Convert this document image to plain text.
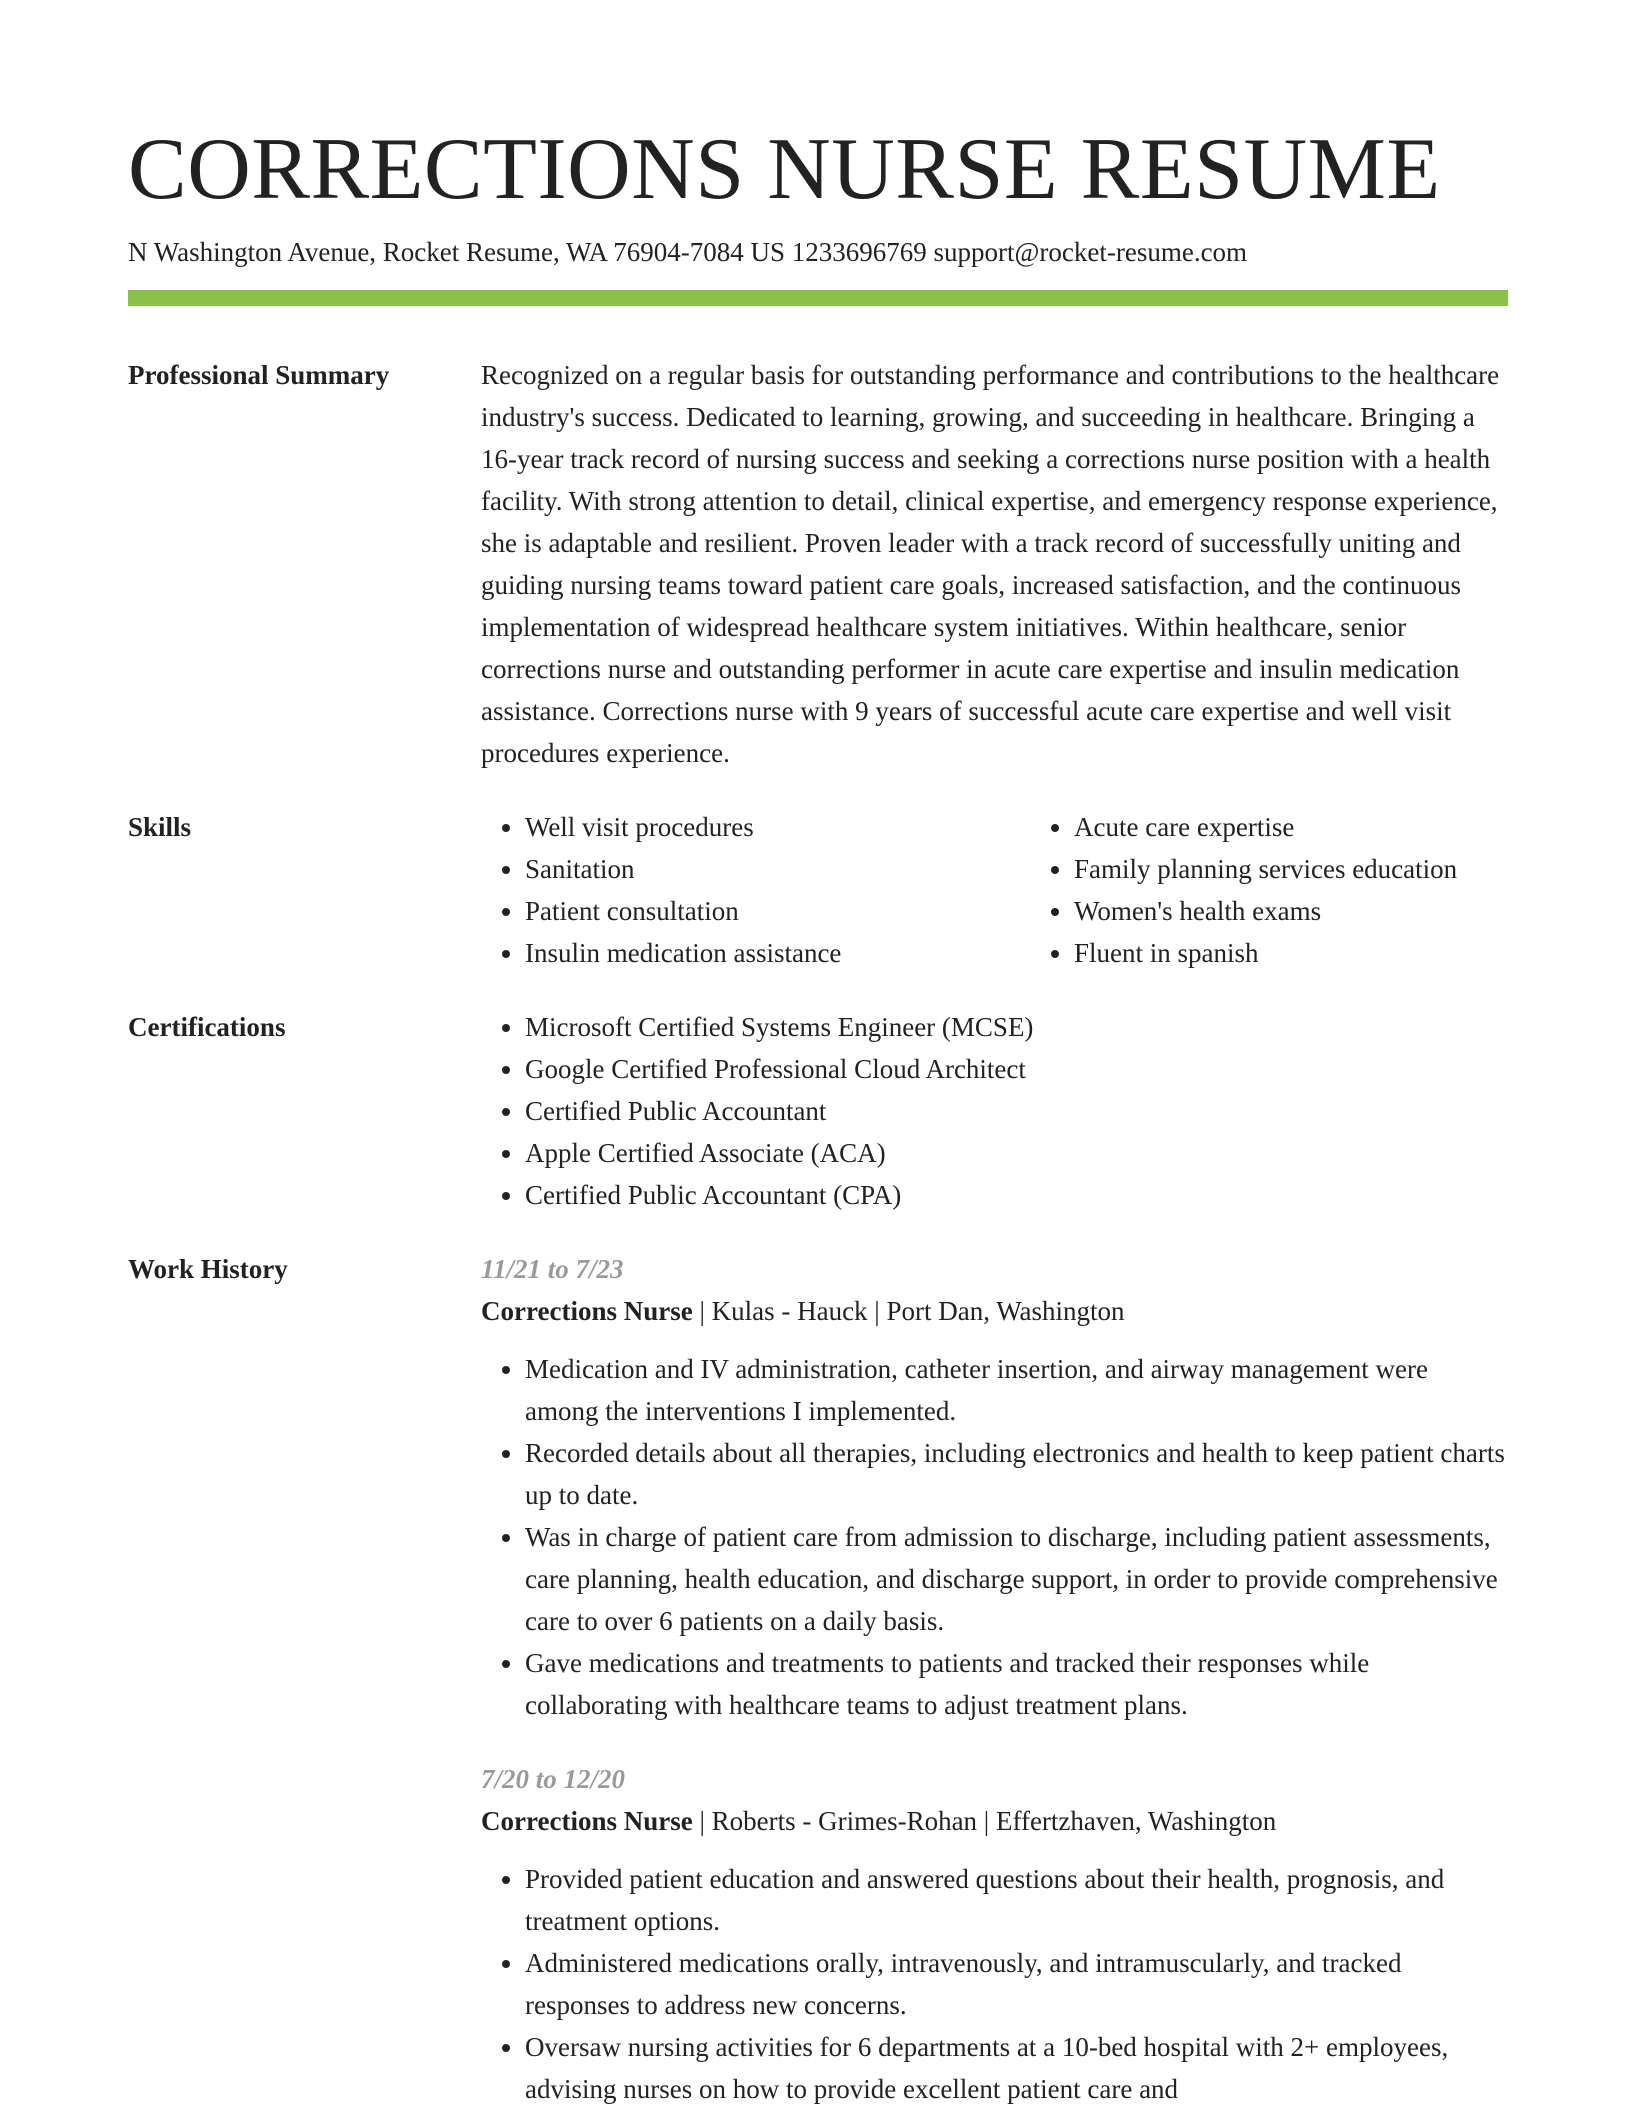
CORRECTIONS NURSE RESUME
N Washington Avenue, Rocket Resume, WA 76904-7084 US 1233696769 support@rocket-resume.com
Professional Summary	Recognized on a regular basis for outstanding performance and contributions to the healthcare industry's success. Dedicated to learning, growing, and succeeding in healthcare. Bringing a 16-year track record of nursing success and seeking a corrections nurse position with a health facility. With strong attention to detail, clinical expertise, and emergency response experience, she is adaptable and resilient. Proven leader with a track record of successfully uniting and guiding nursing teams toward patient care goals, increased satisfaction, and the continuous implementation of widespread healthcare system initiatives. Within healthcare, senior corrections nurse and outstanding performer in acute care expertise and insulin medication assistance. Corrections nurse with 9 years of successful acute care expertise and well visit procedures experience.
Skills	• Well visit procedures
• Sanitation
• Patient consultation
• Insulin medication assistance
• Acute care expertise
• Family planning services education
• Women's health exams
• Fluent in spanish
Certifications	• Microsoft Certified Systems Engineer (MCSE)
• Google Certified Professional Cloud Architect
• Certified Public Accountant
• Apple Certified Associate (ACA)
• Certified Public Accountant (CPA)
Work History	11/21 to 7/23
Corrections Nurse | Kulas - Hauck | Port Dan, Washington
• Medication and IV administration, catheter insertion, and airway management were among the interventions I implemented.
• Recorded details about all therapies, including electronics and health to keep patient charts up to date.
• Was in charge of patient care from admission to discharge, including patient assessments, care planning, health education, and discharge support, in order to provide comprehensive care to over 6 patients on a daily basis.
• Gave medications and treatments to patients and tracked their responses while collaborating with healthcare teams to adjust treatment plans.
7/20 to 12/20
Corrections Nurse | Roberts - Grimes-Rohan | Effertzhaven, Washington
• Provided patient education and answered questions about their health, prognosis, and treatment options.
• Administered medications orally, intravenously, and intramuscularly, and tracked responses to address new concerns.
• Oversaw nursing activities for 6 departments at a 10-bed hospital with 2+ employees, advising nurses on how to provide excellent patient care and
